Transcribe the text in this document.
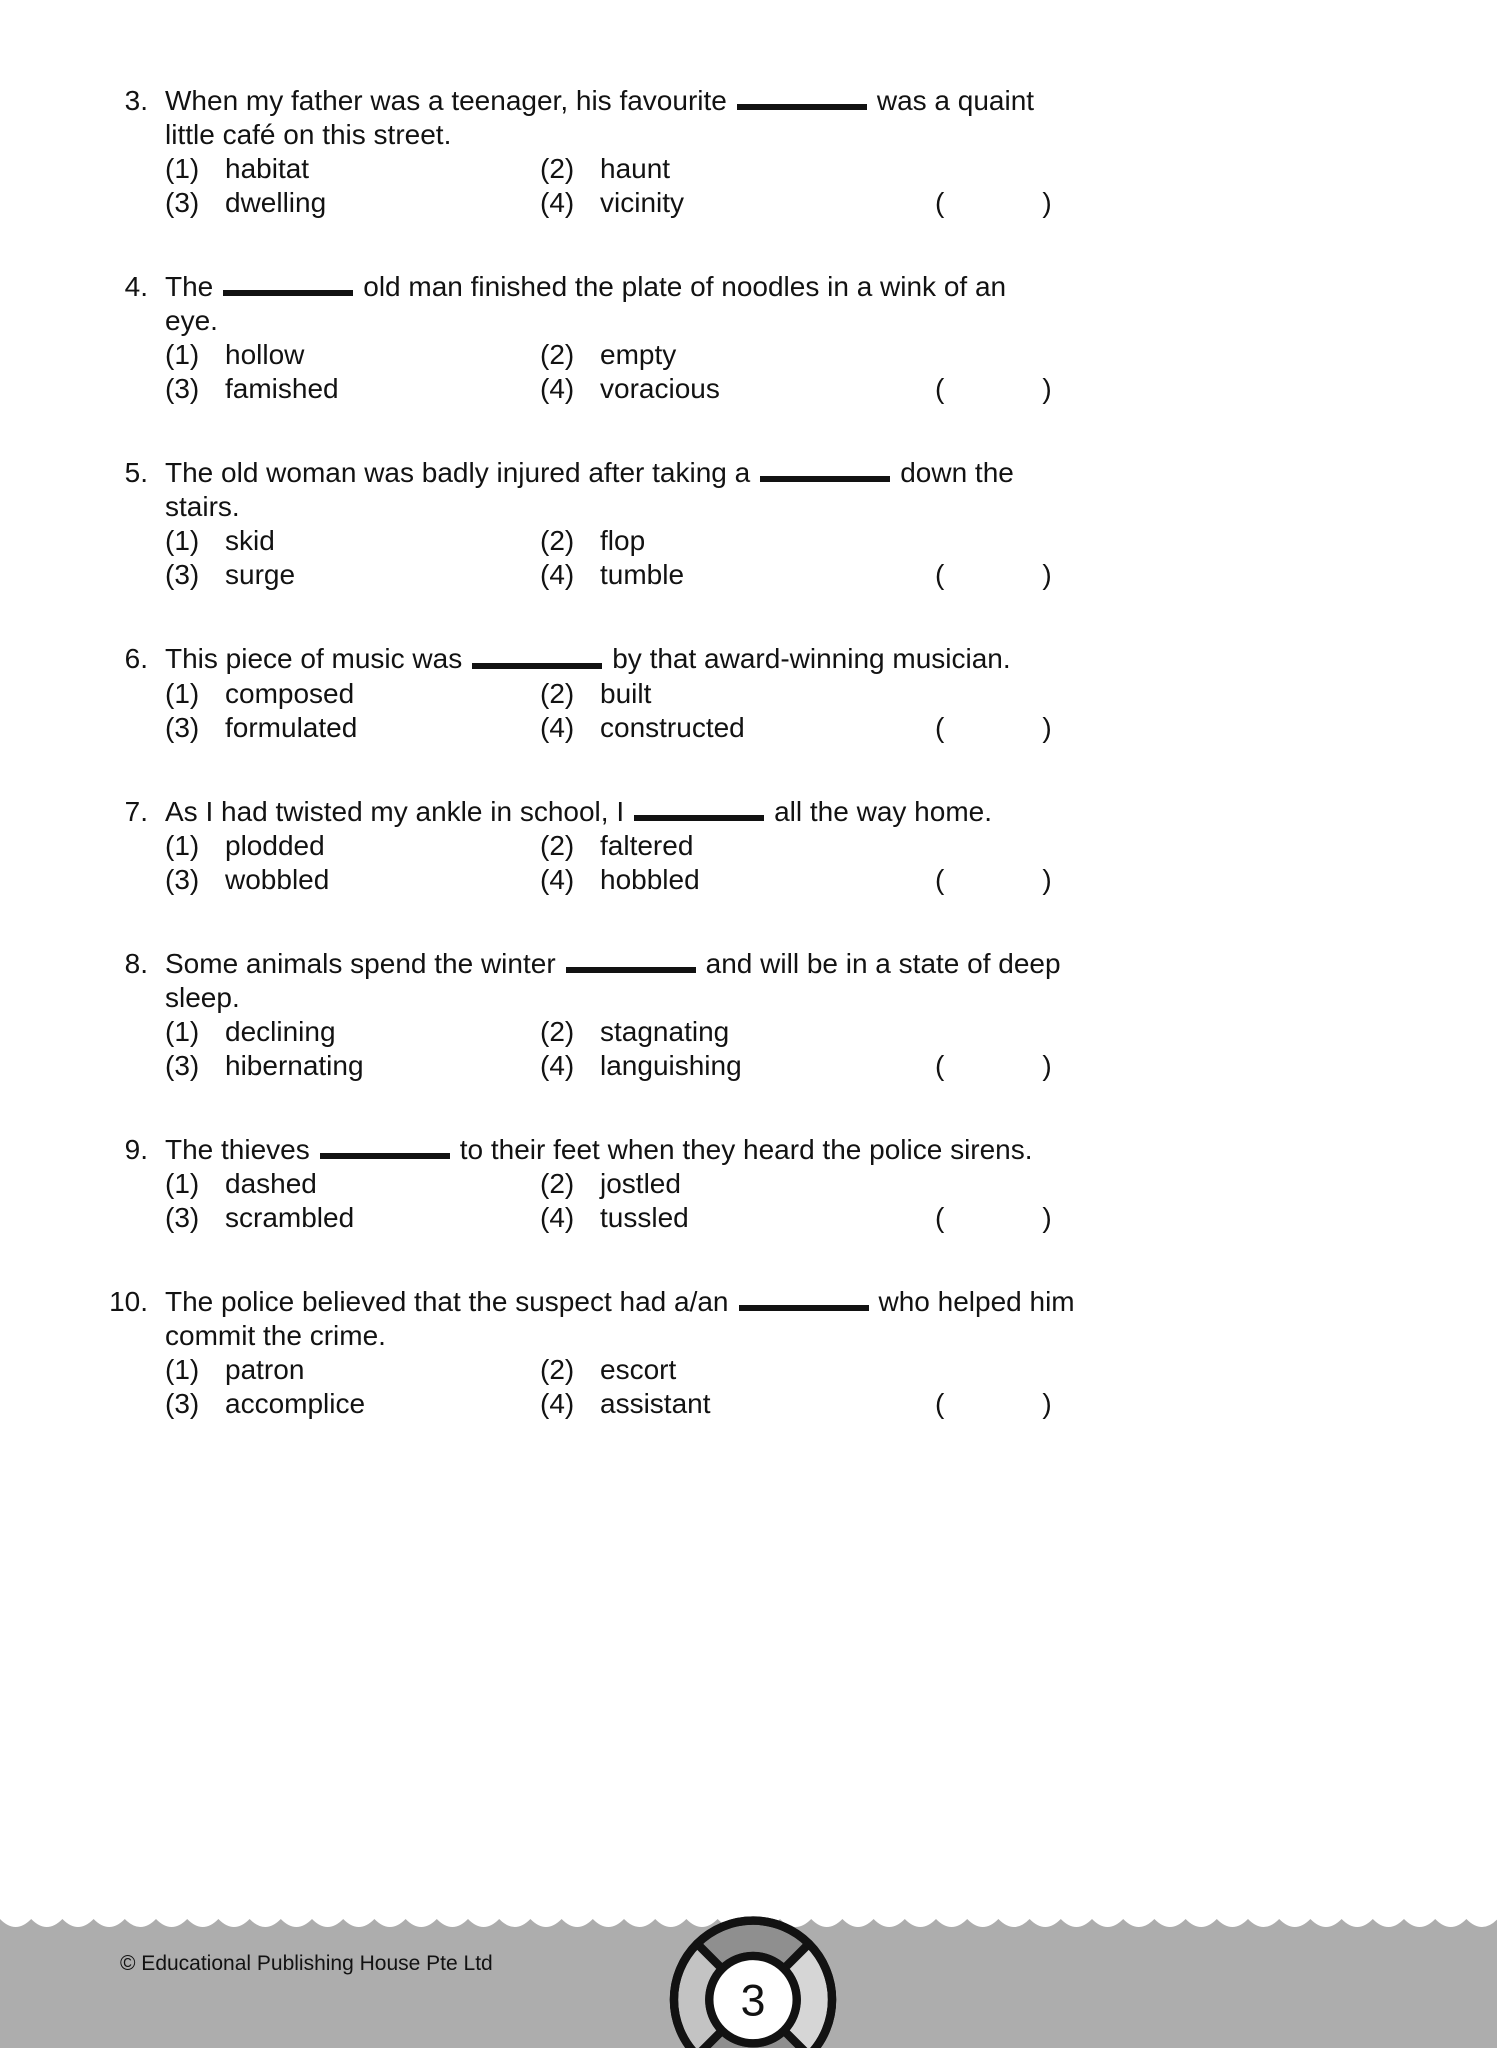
3. When my father was a teenager, his favourite	was a quaint
little café on this street.
(1) habitat	(2) haunt
(3) dwelling	(4) vicinity	(	)
4. The	old man finished the plate of noodles in a wink of an
eye.
(1) hollow	(2) empty
(3) famished	(4) voracious	(	)
5. The old woman was badly injured after taking a	down the
stairs.
(1) skid	(2) flop
(3) surge	(4) tumble	(	)
6. This piece of music was	by that award-winning musician.
(1) composed	(2) built
(3) formulated	(4) constructed	(	)
7. As I had twisted my ankle in school, I	all the way home.
(1) plodded	(2) faltered
(3) wobbled	(4) hobbled	(	)
8. Some animals spend the winter	and will be in a state of deep
sleep.
(1) declining	(2) stagnating
(3) hibernating	(4) languishing	(	)
9. The thieves	to their feet when they heard the police sirens.
(1) dashed	(2) jostled
(3) scrambled	(4) tussled	(	)
10. The police believed that the suspect had a/an	who helped him
commit the crime.
(1) patron	(2) escort
(3) accomplice	(4) assistant	(	)
© Educational Publishing House Pte Ltd
3
